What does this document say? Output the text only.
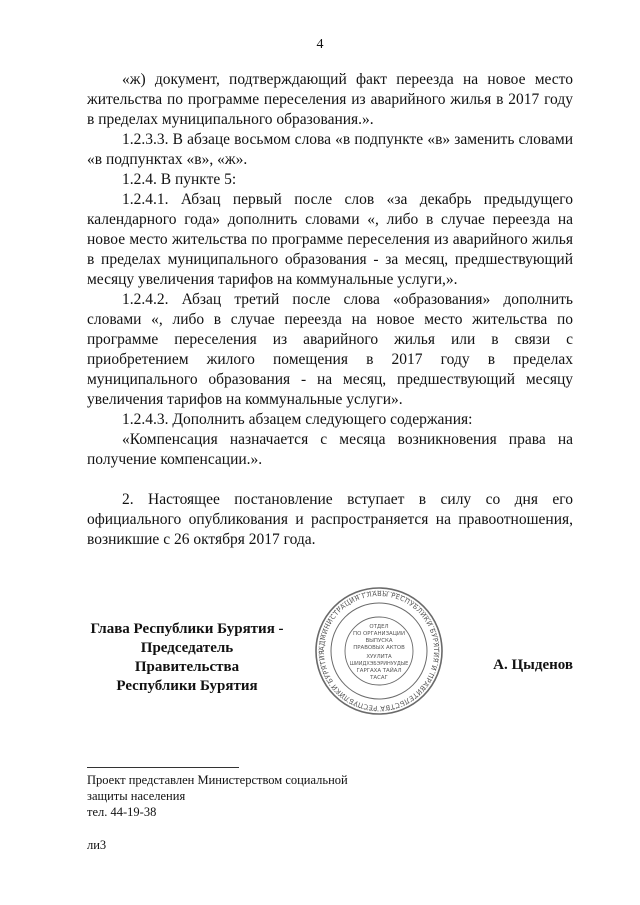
4

«ж) документ, подтверждающий факт переезда на новое место жительства по программе переселения из аварийного жилья в 2017 году в пределах муниципального образования.».

1.2.3.3. В абзаце восьмом слова «в подпункте «в» заменить словами «в подпунктах «в», «ж».

1.2.4. В пункте 5:

1.2.4.1. Абзац первый после слов «за декабрь предыдущего календарного года» дополнить словами «, либо в случае переезда на новое место жительства по программе переселения из аварийного жилья в пределах муниципального образования - за месяц, предшествующий месяцу увеличения тарифов на коммунальные услуги,».

1.2.4.2. Абзац третий после слова «образования» дополнить словами «, либо в случае переезда на новое место жительства по программе переселения из аварийного жилья или в связи с приобретением жилого помещения в 2017 году в пределах муниципального образования - на месяц, предшествующий месяцу увеличения тарифов на коммунальные услуги».

1.2.4.3. Дополнить абзацем следующего содержания:

«Компенсация назначается с месяца возникновения права на получение компенсации.».

2. Настоящее постановление вступает в силу со дня его официального опубликования и распространяется на правоотношения, возникшие с 26 октября 2017 года.

Глава Республики Бурятия -
Председатель Правительства
Республики Бурятия
АДМИНИСТРАЦИЯ ГЛАВЫ РЕСПУБЛИКИ БУРЯТИЯ И ПРАВИТЕЛЬСТВА РЕСПУБЛИКИ БУРЯТИЯ
ОТДЕЛ
ПО ОРГАНИЗАЦИИ
ВЫПУСКА
ПРАВОВЫХ АКТОВ
ХУУЛИТА
ШИИДХЭБЭРИНУУДЫЕ
ГАРГАХА ТАЙАЛ
ТАСАГ
А. Цыденов
Проект представлен Министерством социальной
защиты населения
тел. 44-19-38
ли3
